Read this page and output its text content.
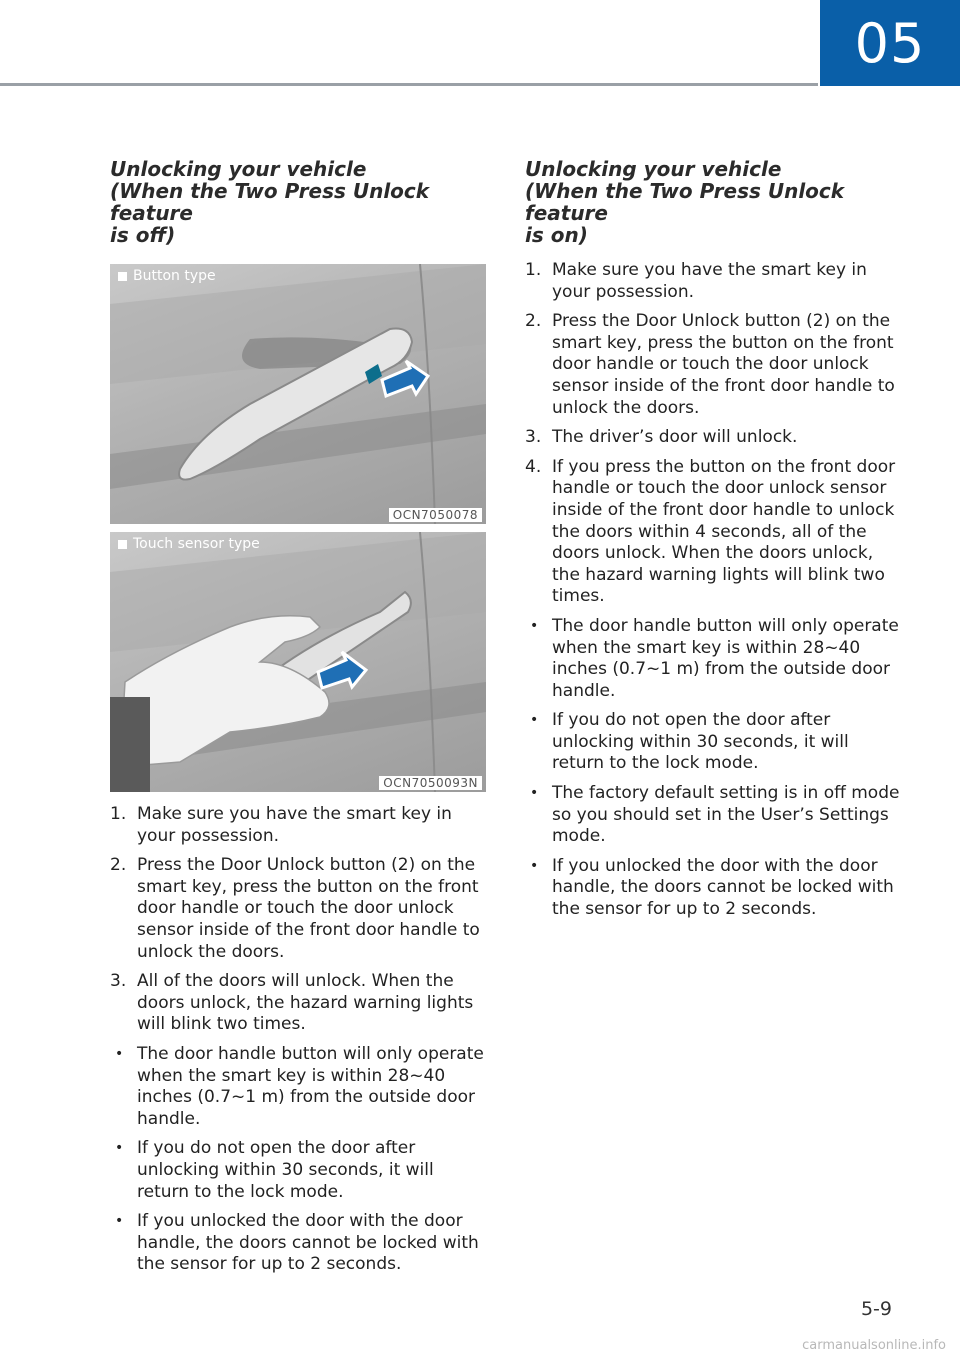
05
Unlocking your vehicle
(When the Two Press Unlock feature
is off)
Button type
OCN7050078
Touch sensor type
OCN7050093N
1. Make sure you have the smart key in your possession.
2. Press the Door Unlock button (2) on the smart key, press the button on the front door handle or touch the door unlock sensor inside of the front door handle to unlock the doors.
3. All of the doors will unlock. When the doors unlock, the hazard warning lights will blink two times.
• The door handle button will only operate when the smart key is within 28~40 inches (0.7~1 m) from the outside door handle.
• If you do not open the door after unlocking within 30 seconds, it will return to the lock mode.
• If you unlocked the door with the door handle, the doors cannot be locked with the sensor for up to 2 seconds.
Unlocking your vehicle
(When the Two Press Unlock feature
is on)
1. Make sure you have the smart key in your possession.
2. Press the Door Unlock button (2) on the smart key, press the button on the front door handle or touch the door unlock sensor inside of the front door handle to unlock the doors.
3. The driver’s door will unlock.
4. If you press the button on the front door handle or touch the door unlock sensor inside of the front door handle to unlock the doors within 4 seconds, all of the doors unlock. When the doors unlock, the hazard warning lights will blink two times.
• The door handle button will only operate when the smart key is within 28~40 inches (0.7~1 m) from the outside door handle.
• If you do not open the door after unlocking within 30 seconds, it will return to the lock mode.
• The factory default setting is in off mode so you should set in the User’s Settings mode.
• If you unlocked the door with the door handle, the doors cannot be locked with the sensor for up to 2 seconds.
5-9
carmanualsonline.info
